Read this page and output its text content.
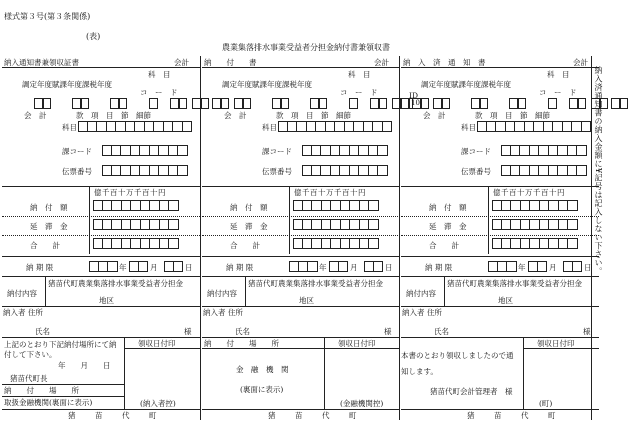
様式第３号(第３条関係)
(表)
農業集落排水事業受益者分担金納付書兼領収書
納入通知書兼領収証書	会計
科　目
調定年度賦課年度課税年度
コ　ー　ド
会　計	款　項　目　節　細節
科目
課コード
伝票番号
億千百十万千百十円
納　付　額
延　滞　金
合　　計
納 期 限	年	月	日
納付内容
猪苗代町農業集落排水事業受益者分担金
地区
納入者 住所
氏名	様
領収日付印
(納入者控)
猪　苗　代　町
納　　付　　書	会計
科　目
調定年度賦課年度課税年度
コ　ー　ド
会　計	款　項　目　節　細節
科目
課コード
伝票番号
億千百十万千百十円
納　付　額
延　滞　金
合　　計
納 期 限	年	月	日
納付内容
猪苗代町農業集落排水事業受益者分担金
地区
納入者 住所
氏名	様
領収日付印
(金融機関控)
猪　苗　代　町
納　入　済　通　知　書	会計
科　目
調定年度賦課年度課税年度
コ　ー　ド
ID
10
会　計	款　項　目　節　細節
科目
課コード
伝票番号
億千百十万千百十円
納　付　額
延　滞　金
合　　計
納 期 限	年	月	日
納付内容
猪苗代町農業集落排水事業受益者分担金
地区
納入者 住所
氏名	様
領収日付印
(町)
猪　苗　代　町
上記のとおり下記納付場所にて納
付して下さい。
年　　月　　日
猪苗代町長
納　　付　　場　　所
取扱金融機関(裏面に表示)
納　　付　　場　　所
金　融　機　関
(裏面に表示)
本書のとおり領収しましたので通
知します。
猪苗代町会計管理者　様
納入済通知書の納入金額に¥記号は記入しない下さい。
